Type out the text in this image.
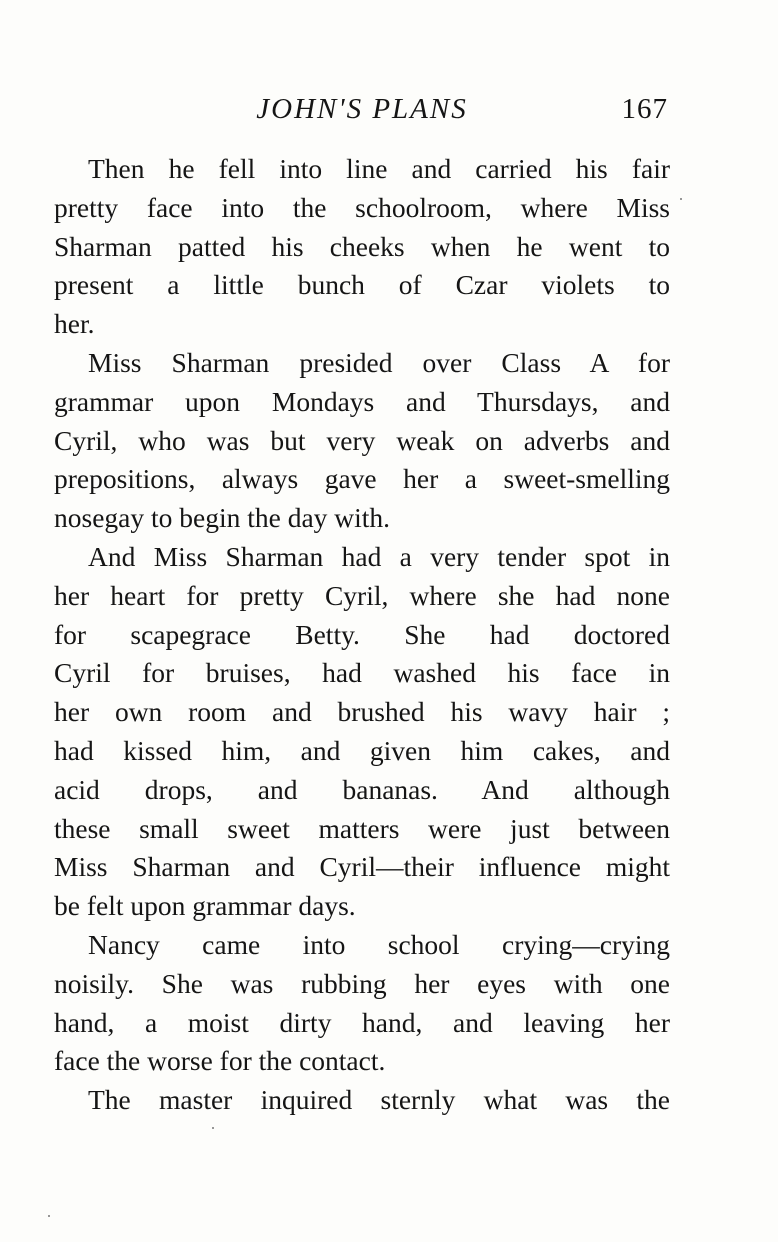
JOHN'S PLANS	167
Then he fell into line and carried his fair
pretty face into the schoolroom, where Miss
Sharman patted his cheeks when he went to
present a little bunch of Czar violets to
her.
Miss Sharman presided over Class A for
grammar upon Mondays and Thursdays, and
Cyril, who was but very weak on adverbs and
prepositions, always gave her a sweet-smelling
nosegay to begin the day with.
And Miss Sharman had a very tender spot in
her heart for pretty Cyril, where she had none
for scapegrace Betty. She had doctored
Cyril for bruises, had washed his face in
her own room and brushed his wavy hair ;
had kissed him, and given him cakes, and
acid drops, and bananas. And although
these small sweet matters were just between
Miss Sharman and Cyril—their influence might
be felt upon grammar days.
Nancy came into school crying—crying
noisily. She was rubbing her eyes with one
hand, a moist dirty hand, and leaving her
face the worse for the contact.
The master inquired sternly what was the
